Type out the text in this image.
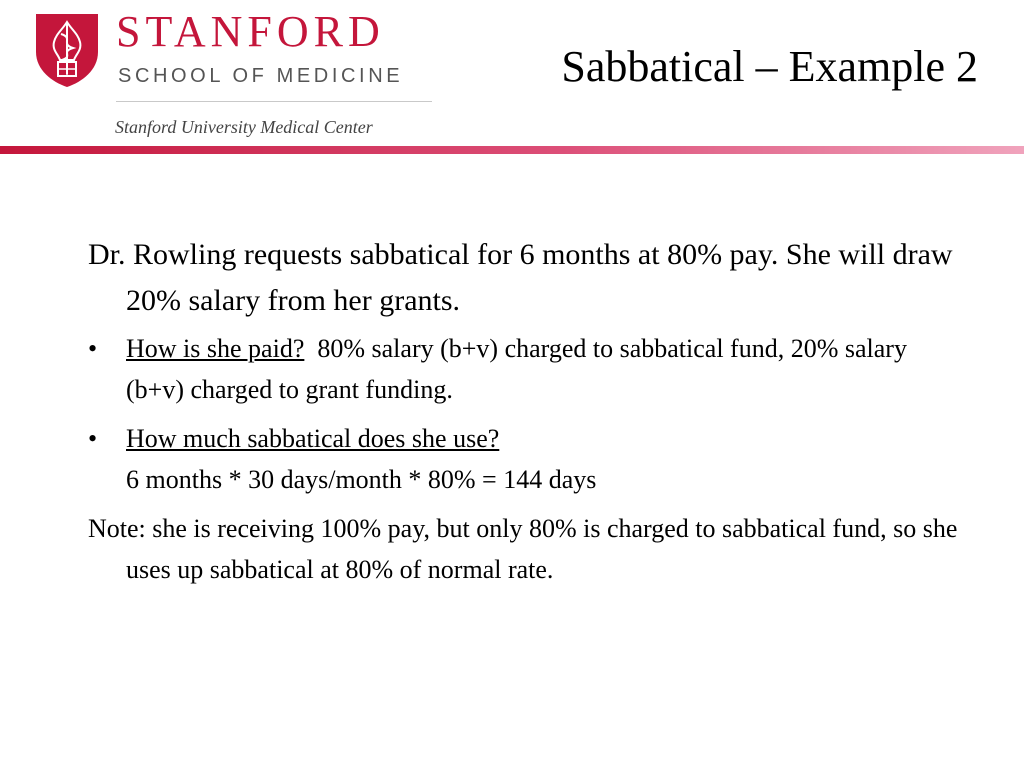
STANFORD
SCHOOL OF MEDICINE
Stanford University Medical Center
Sabbatical – Example 2

Dr. Rowling requests sabbatical for 6 months at 80% pay. She will draw 20% salary from her grants.

• How is she paid? 80% salary (b+v) charged to sabbatical fund, 20% salary (b+v) charged to grant funding.
• How much sabbatical does she use?
6 months * 30 days/month * 80% = 144 days

Note: she is receiving 100% pay, but only 80% is charged to sabbatical fund, so she uses up sabbatical at 80% of normal rate.
